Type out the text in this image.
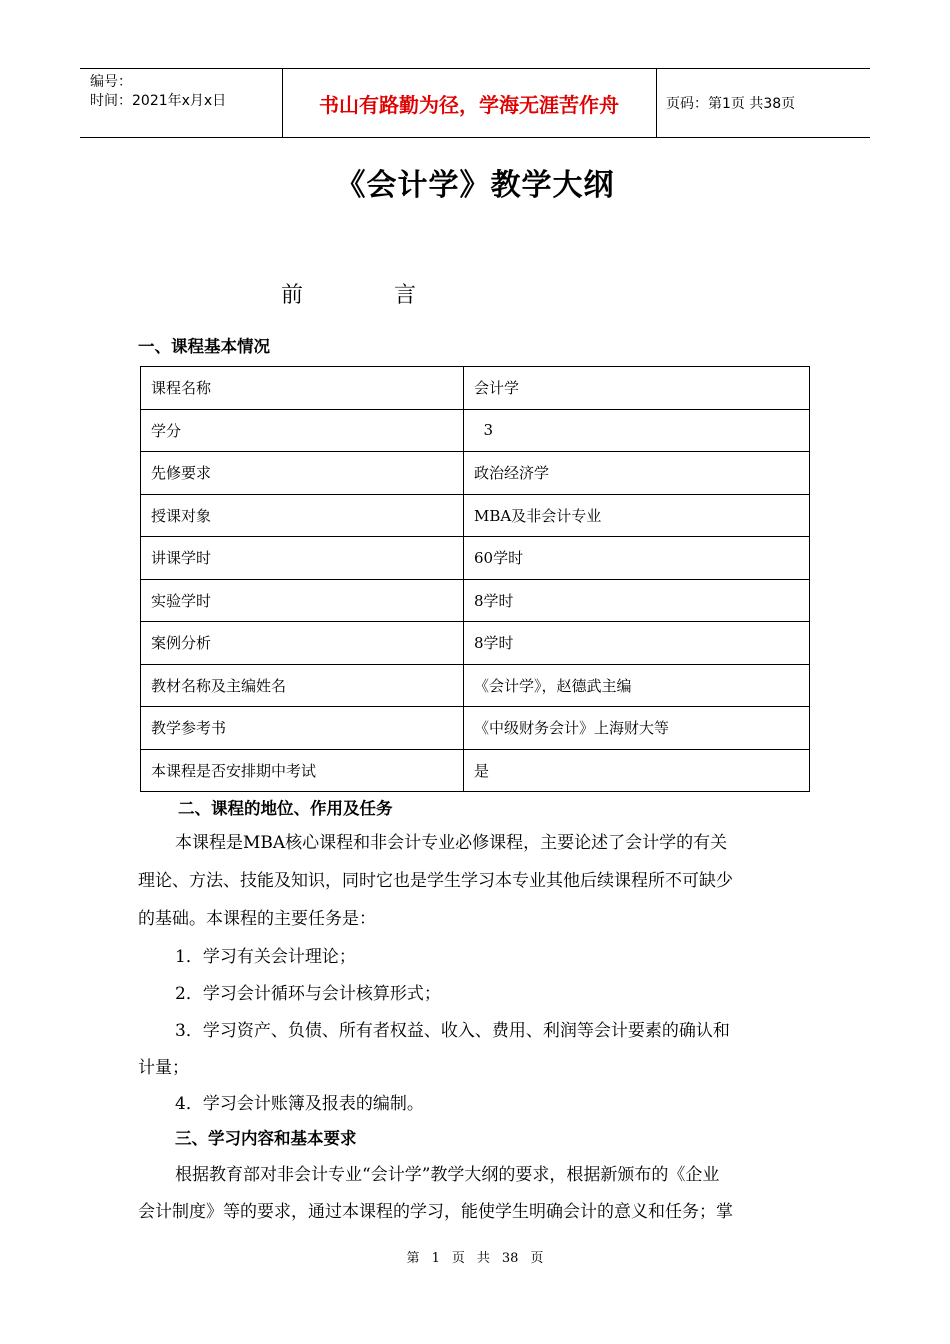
编号：
时间：2021年x月x日	书山有路勤为径，学海无涯苦作舟	页码：第1页 共38页
《会计学》教学大纲
前	言
一、课程基本情况
课程名称	会计学
学分	3
先修要求	政治经济学
授课对象	MBA及非会计专业
讲课学时	60学时
实验学时	8学时
案例分析	8学时
教材名称及主编姓名	《会计学》，赵德武主编
教学参考书	《中级财务会计》上海财大等
本课程是否安排期中考试	是
二、课程的地位、作用及任务
本课程是MBA核心课程和非会计专业必修课程，主要论述了会计学的有关
理论、方法、技能及知识，同时它也是学生学习本专业其他后续课程所不可缺少
的基础。本课程的主要任务是：
1．学习有关会计理论；
2．学习会计循环与会计核算形式；
3．学习资产、负债、所有者权益、收入、费用、利润等会计要素的确认和
计量；
4．学习会计账簿及报表的编制。
三、学习内容和基本要求
根据教育部对非会计专业“会计学”教学大纲的要求，根据新颁布的《企业
会计制度》等的要求，通过本课程的学习，能使学生明确会计的意义和任务；掌
第 1 页 共 38 页
